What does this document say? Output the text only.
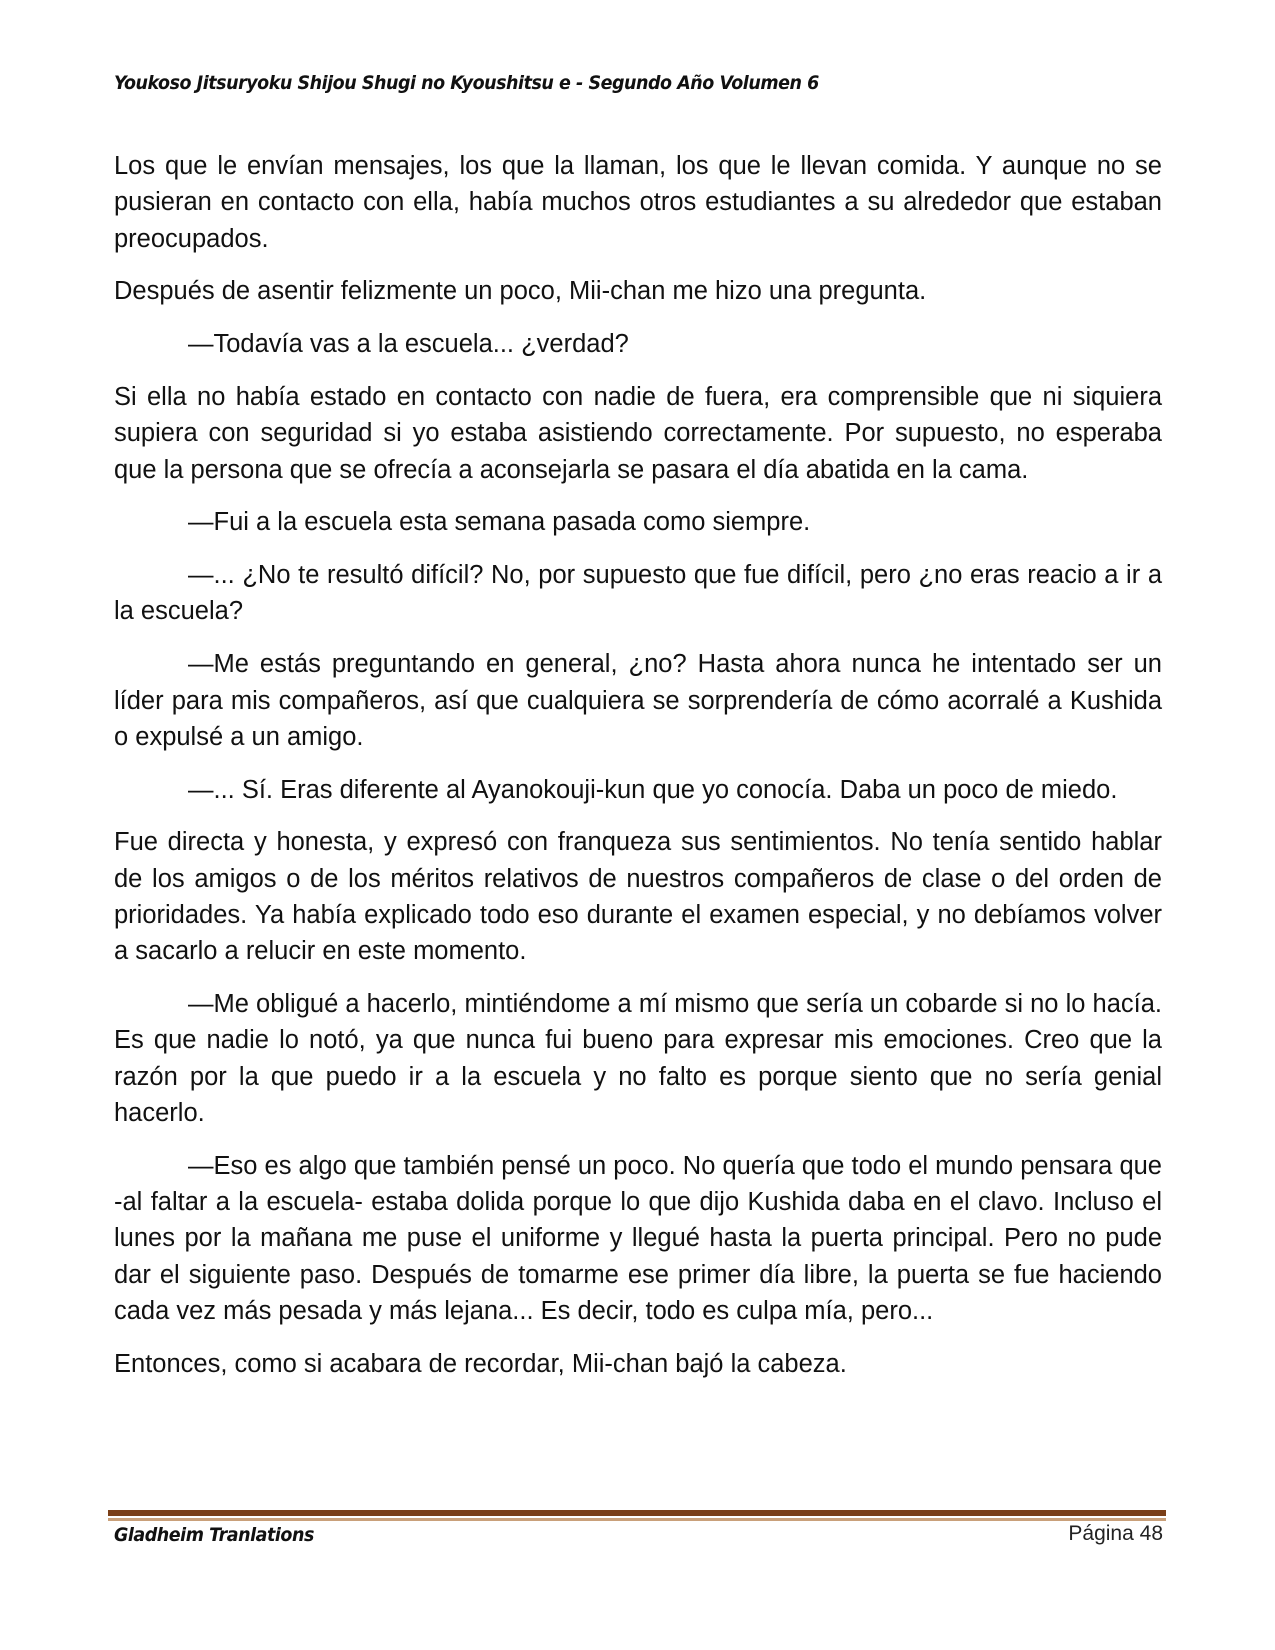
Youkoso Jitsuryoku Shijou Shugi no Kyoushitsu e - Segundo Año Volumen 6

Los que le envían mensajes, los que la llaman, los que le llevan comida. Y aunque no se pusieran en contacto con ella, había muchos otros estudiantes a su alrededor que estaban preocupados.

Después de asentir felizmente un poco, Mii-chan me hizo una pregunta.

—Todavía vas a la escuela... ¿verdad?

Si ella no había estado en contacto con nadie de fuera, era comprensible que ni siquiera supiera con seguridad si yo estaba asistiendo correctamente. Por supuesto, no esperaba que la persona que se ofrecía a aconsejarla se pasara el día abatida en la cama.

—Fui a la escuela esta semana pasada como siempre.

—... ¿No te resultó difícil? No, por supuesto que fue difícil, pero ¿no eras reacio a ir a la escuela?

—Me estás preguntando en general, ¿no? Hasta ahora nunca he intentado ser un líder para mis compañeros, así que cualquiera se sorprendería de cómo acorralé a Kushida o expulsé a un amigo.

—... Sí. Eras diferente al Ayanokouji-kun que yo conocía. Daba un poco de miedo.

Fue directa y honesta, y expresó con franqueza sus sentimientos. No tenía sentido hablar de los amigos o de los méritos relativos de nuestros compañeros de clase o del orden de prioridades. Ya había explicado todo eso durante el examen especial, y no debíamos volver a sacarlo a relucir en este momento.

—Me obligué a hacerlo, mintiéndome a mí mismo que sería un cobarde si no lo hacía. Es que nadie lo notó, ya que nunca fui bueno para expresar mis emociones. Creo que la razón por la que puedo ir a la escuela y no falto es porque siento que no sería genial hacerlo.

—Eso es algo que también pensé un poco. No quería que todo el mundo pensara que -al faltar a la escuela- estaba dolida porque lo que dijo Kushida daba en el clavo. Incluso el lunes por la mañana me puse el uniforme y llegué hasta la puerta principal. Pero no pude dar el siguiente paso. Después de tomarme ese primer día libre, la puerta se fue haciendo cada vez más pesada y más lejana... Es decir, todo es culpa mía, pero...

Entonces, como si acabara de recordar, Mii-chan bajó la cabeza.

Gladheim Tranlations	Página 48
